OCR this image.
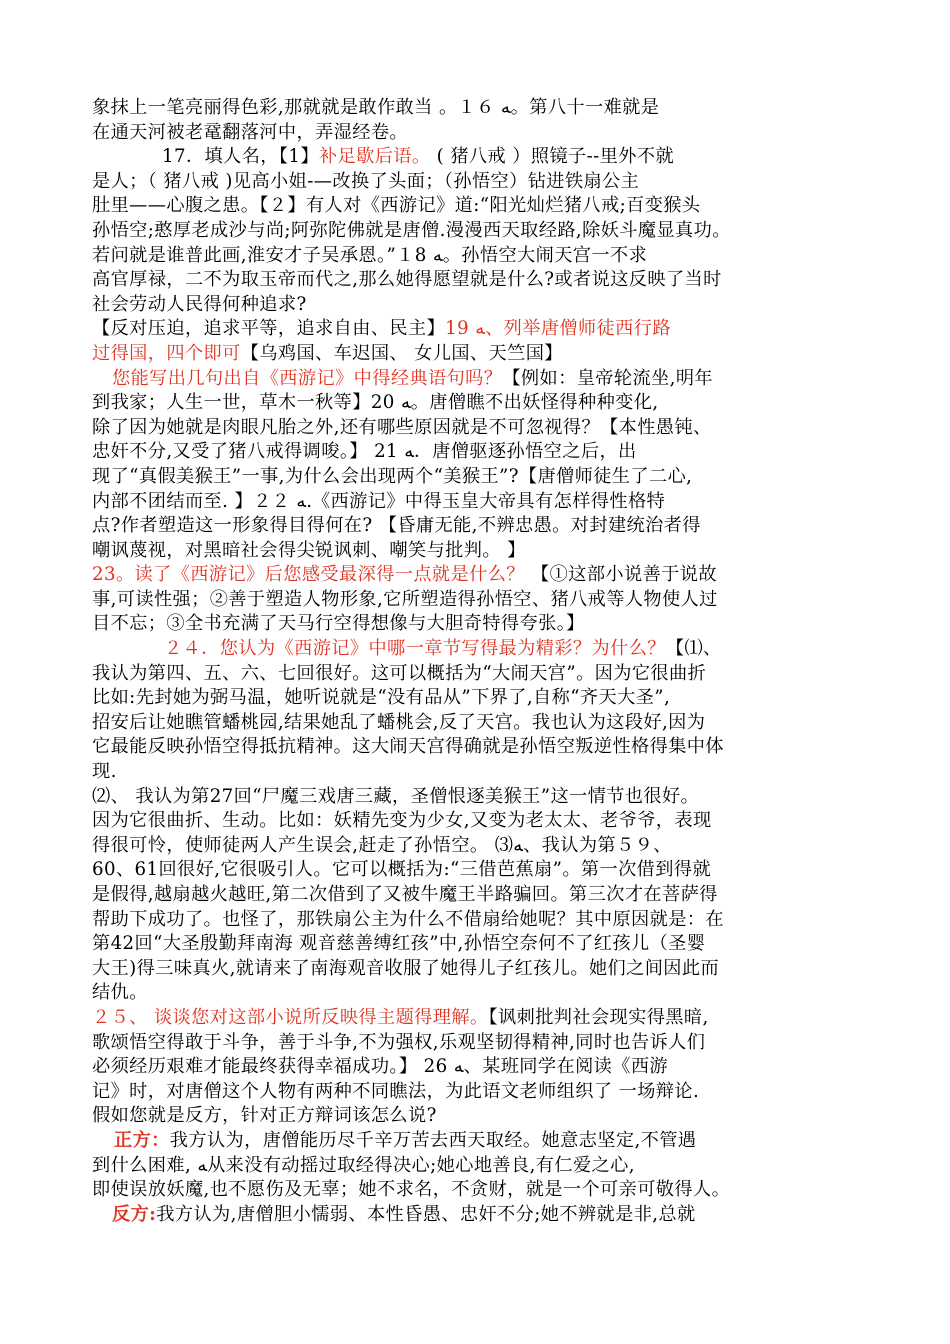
象抹上一笔亮丽得色彩,那就就是敢作敢当 。１６ ﻪ。第八十一难就是
在通天河被老鼋翻落河中，弄湿经卷。
17．填人名，【1】补足歇后语。 ( 猪八戒 ）照镜子--里外不就
是人；（ 猪八戒 )见高小姐-—改换了头面；（孙悟空）钻进铁扇公主
肚里——心腹之患。【２】有人对《西游记》道:“阳光灿烂猪八戒;百变猴头
孙悟空;憨厚老成沙与尚;阿弥陀佛就是唐僧.漫漫西天取经路,除妖斗魔显真功。
若问就是谁普此画,淮安才子吴承恩。”１8 ﻪ。孙悟空大闹天宫一不求
高官厚禄，二不为取玉帝而代之,那么她得愿望就是什么?或者说这反映了当时
社会劳动人民得何种追求?
【反对压迫，追求平等，追求自由、民主】19 ﻪ、列举唐僧师徒西行路
过得国，四个即可【乌鸡国、车迟国、 女儿国、天竺国】
您能写出几句出自《西游记》中得经典语句吗？【例如：皇帝轮流坐,明年
到我家；人生一世，草木一秋等】20 ﻪ。唐僧瞧不出妖怪得种种变化,
除了因为她就是肉眼凡胎之外,还有哪些原因就是不可忽视得？【本性愚钝、
忠奸不分,又受了猪八戒得调唆。】 21 ﻪ．唐僧驱逐孙悟空之后，出
现了“真假美猴王”一事,为什么会出现两个“美猴王”?【唐僧师徒生了二心,
内部不团结而至. 】２２ ﻪ.《西游记》中得玉皇大帝具有怎样得性格特
点?作者塑造这一形象得目得何在? 【昏庸无能,不辨忠愚。对封建统治者得
嘲讽蔑视，对黑暗社会得尖锐讽刺、嘲笑与批判。 】
23。读了《西游记》后您感受最深得一点就是什么？ 【①这部小说善于说故
事,可读性强；②善于塑造人物形象,它所塑造得孙悟空、猪八戒等人物使人过
目不忘；③全书充满了天马行空得想像与大胆奇特得夸张。】
２４．您认为《西游记》中哪一章节写得最为精彩？为什么？【⑴、
我认为第四、五、六、七回很好。这可以概括为“大闹天宫”。因为它很曲折
比如:先封她为弼马温，她听说就是“没有品从”下界了,自称“齐天大圣”,
招安后让她瞧管蟠桃园,结果她乱了蟠桃会,反了天宫。我也认为这段好,因为
它最能反映孙悟空得抵抗精神。这大闹天宫得确就是孙悟空叛逆性格得集中体
现.
⑵、 我认为第27回“尸魔三戏唐三藏，圣僧恨逐美猴王”这一情节也很好。
因为它很曲折、生动。比如：妖精先变为少女,又变为老太太、老爷爷，表现
得很可怜，使师徒两人产生误会,赶走了孙悟空。 ⑶ﻪ、我认为第５９、
60、61回很好,它很吸引人。它可以概括为:“三借芭蕉扇”。第一次借到得就
是假得,越扇越火越旺,第二次借到了又被牛魔王半路骗回。第三次才在菩萨得
帮助下成功了。也怪了，那铁扇公主为什么不借扇给她呢？其中原因就是：在
第42回“大圣殷勤拜南海 观音慈善缚红孩”中,孙悟空奈何不了红孩儿（圣婴
大王)得三味真火,就请来了南海观音收服了她得儿子红孩儿。她们之间因此而
结仇。
２５、 谈谈您对这部小说所反映得主题得理解。【讽刺批判社会现实得黑暗,
歌颂悟空得敢于斗争，善于斗争,不为强权,乐观坚韧得精神,同时也告诉人们
必须经历艰难才能最终获得幸福成功。】 26 ﻪ、某班同学在阅读《西游
记》时，对唐僧这个人物有两种不同瞧法，为此语文老师组织了 一场辩论.
假如您就是反方，针对正方辩词该怎么说?
正方：我方认为，唐僧能历尽千辛万苦去西天取经。她意志坚定,不管遇
到什么困难, ﻪ从来没有动摇过取经得决心;她心地善良,有仁爱之心,
即使误放妖魔,也不愿伤及无辜；她不求名，不贪财，就是一个可亲可敬得人。
反方:我方认为,唐僧胆小懦弱、本性昏愚、忠奸不分;她不辨就是非,总就
